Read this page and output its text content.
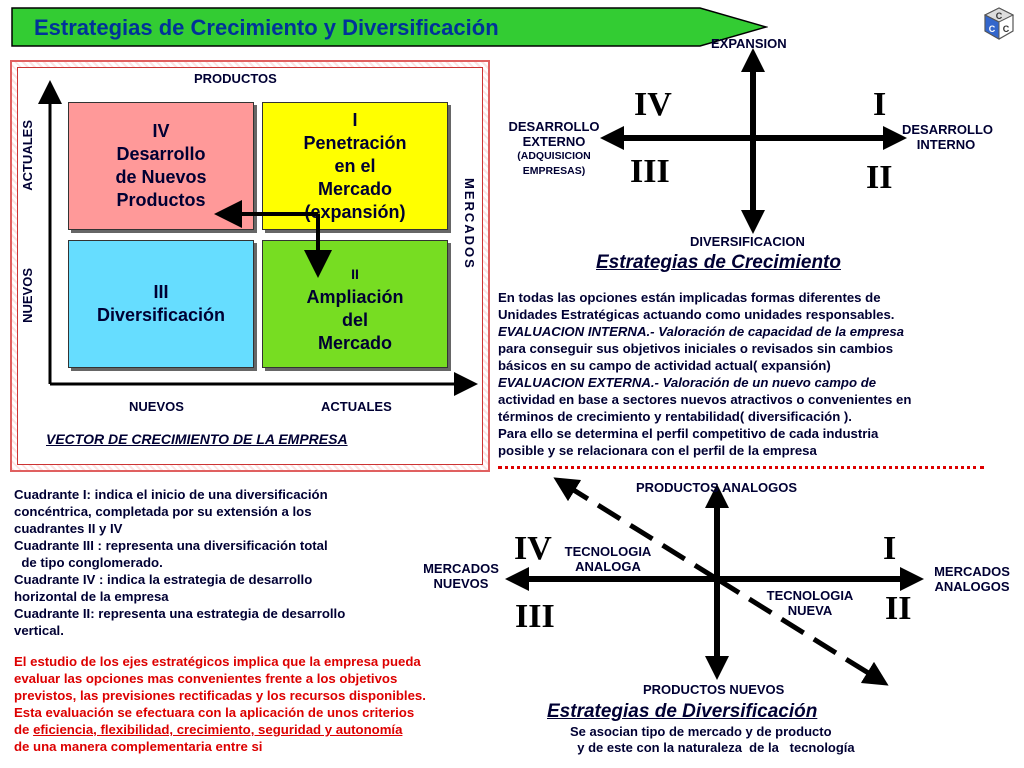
Estrategias de Crecimiento y Diversificación	C
C C
PRODUCTOS
ACTUALES
NUEVOS
MERCADOS
NUEVOS	ACTUALES
VECTOR DE CRECIMIENTO DE LA EMPRESA
IV
Desarrollo
de Nuevos
Productos
I
Penetración
en el
Mercado
(expansión)
III
Diversificación
II
Ampliación
del
Mercado
EXPANSION
DIVERSIFICACION
DESARROLLO
EXTERNO
(ADQUISICION
EMPRESAS)
DESARROLLO
INTERNO
IV	I
III	II
Estrategias de Crecimiento
En todas las opciones están implicadas formas diferentes de
Unidades Estratégicas actuando como unidades responsables.
EVALUACION INTERNA.- Valoración de capacidad de la empresa
para conseguir sus objetivos iniciales o revisados sin cambios
básicos en su campo de actividad actual( expansión)
EVALUACION EXTERNA.- Valoración de un nuevo campo de
actividad en base a sectores nuevos atractivos o convenientes en
términos de crecimiento y rentabilidad( diversificación ).
Para ello se determina el perfil competitivo de cada industria
posible y se relacionara con el perfil de la empresa
PRODUCTOS ANALOGOS
PRODUCTOS NUEVOS
MERCADOS
NUEVOS
MERCADOS
ANALOGOS
TECNOLOGIA
ANALOGA
TECNOLOGIA
NUEVA
IV	I
III	II
Estrategias de Diversificación
Se asocian tipo de mercado y de producto
y de este con la naturaleza  de la   tecnología
Cuadrante I: indica el inicio de una diversificación
concéntrica, completada por su extensión a los
cuadrantes II y IV
Cuadrante III : representa una diversificación total
de tipo conglomerado.
Cuadrante IV : indica la estrategia de desarrollo
horizontal de la empresa
Cuadrante II: representa una estrategia de desarrollo
vertical.
El estudio de los ejes estratégicos implica que la empresa pueda
evaluar las opciones mas convenientes frente a los objetivos
previstos, las previsiones rectificadas y los recursos disponibles.
Esta evaluación se efectuara con la aplicación de unos criterios
de eficiencia, flexibilidad, crecimiento, seguridad y autonomía
de una manera complementaria entre si
